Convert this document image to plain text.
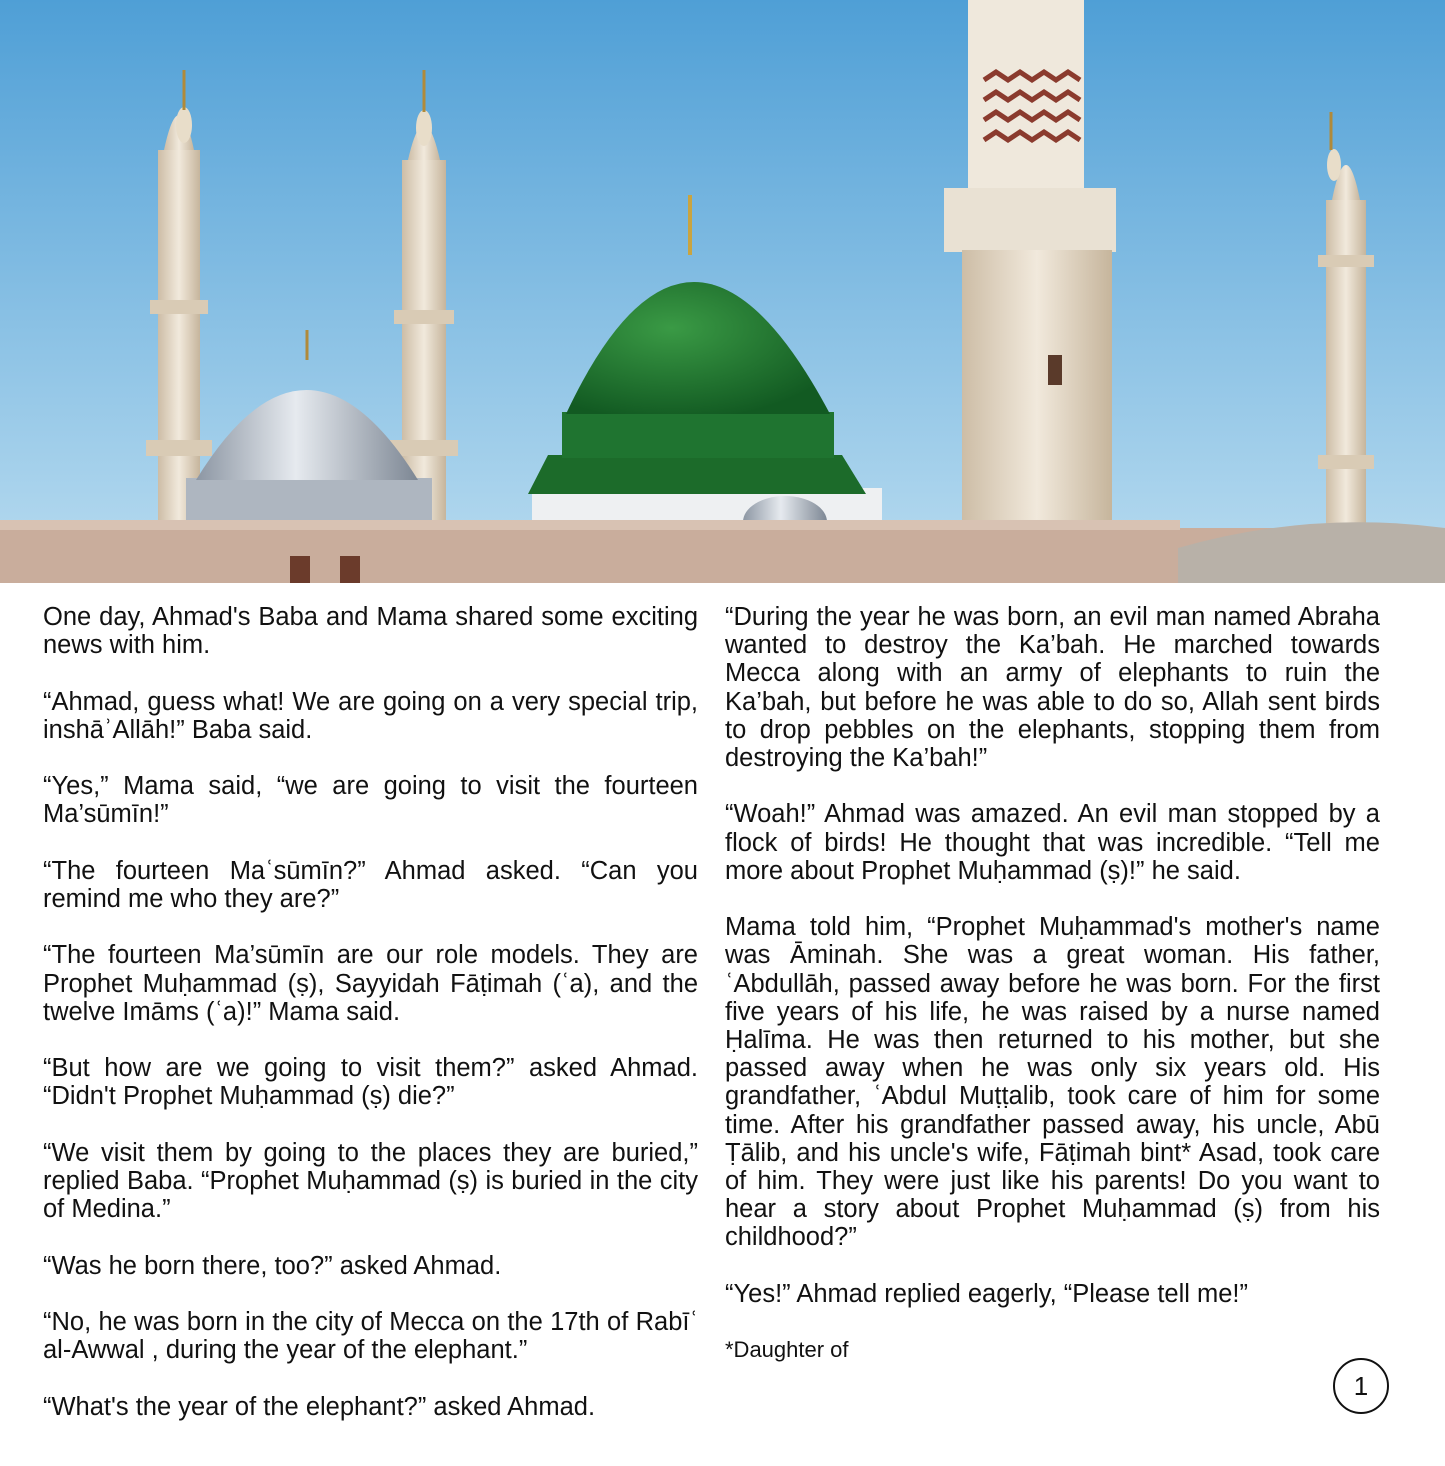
One day, Ahmad's Baba and Mama shared some exciting news with him.

“Ahmad, guess what! We are going on a very special trip, inshāʾAllāh!” Baba said.

“Yes,” Mama said, “we are going to visit the fourteen Ma’sūmīn!”

“The fourteen Maʿsūmīn?” Ahmad asked. “Can you remind me who they are?”

“The fourteen Ma’sūmīn are our role models. They are Prophet Muḥammad (ṣ), Sayyidah Fāṭimah (ʿa), and the twelve Imāms (ʿa)!” Mama said.

“But how are we going to visit them?” asked Ahmad. “Didn't Prophet Muḥammad (ṣ) die?”

“We visit them by going to the places they are buried,” replied Baba. “Prophet Muḥammad (ṣ) is buried in the city of Medina.”

“Was he born there, too?” asked Ahmad.

“No, he was born in the city of Mecca on the 17th of Rabīʿ al-Awwal , during the year of the elephant.”

“What's the year of the elephant?” asked Ahmad.

“During the year he was born, an evil man named Abraha wanted to destroy the Ka’bah. He marched towards Mecca along with an army of elephants to ruin the Ka’bah, but before he was able to do so, Allah sent birds to drop pebbles on the elephants, stopping them from destroying the Ka’bah!”

“Woah!” Ahmad was amazed. An evil man stopped by a flock of birds! He thought that was incredible. “Tell me more about Prophet Muḥammad (ṣ)!” he said.

Mama told him, “Prophet Muḥammad's mother's name was Āminah. She was a great woman. His father, ʿAbdullāh, passed away before he was born. For the first five years of his life, he was raised by a nurse named Ḥalīma. He was then returned to his mother, but she passed away when he was only six years old. His grandfather, ʿAbdul Muṭṭalib, took care of him for some time. After his grandfather passed away, his uncle, Abū Ṭālib, and his uncle's wife, Fāṭimah bint* Asad, took care of him. They were just like his parents! Do you want to hear a story about Prophet Muḥammad (ṣ) from his childhood?”

“Yes!” Ahmad replied eagerly, “Please tell me!”

*Daughter of
1
